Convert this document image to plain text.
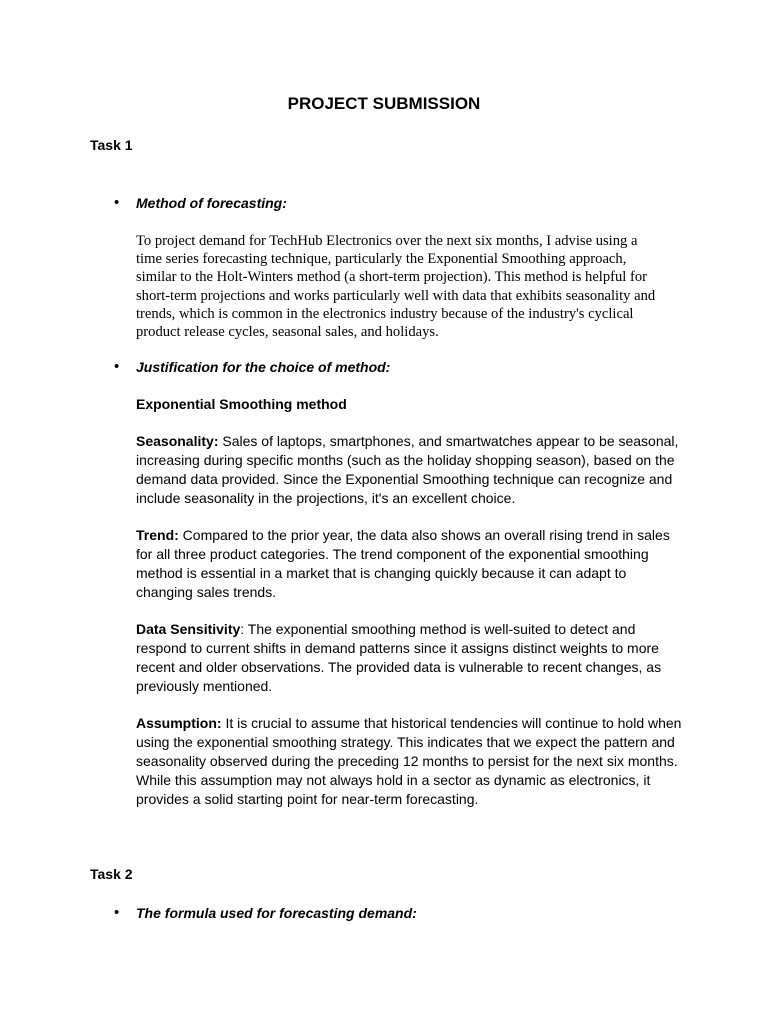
PROJECT SUBMISSION
Task 1
• Method of forecasting:
To project demand for TechHub Electronics over the next six months, I advise using a
time series forecasting technique, particularly the Exponential Smoothing approach,
similar to the Holt-Winters method (a short-term projection). This method is helpful for
short-term projections and works particularly well with data that exhibits seasonality and
trends, which is common in the electronics industry because of the industry's cyclical
product release cycles, seasonal sales, and holidays.
• Justification for the choice of method:
Exponential Smoothing method
Seasonality: Sales of laptops, smartphones, and smartwatches appear to be seasonal,
increasing during specific months (such as the holiday shopping season), based on the
demand data provided. Since the Exponential Smoothing technique can recognize and
include seasonality in the projections, it's an excellent choice.
Trend: Compared to the prior year, the data also shows an overall rising trend in sales
for all three product categories. The trend component of the exponential smoothing
method is essential in a market that is changing quickly because it can adapt to
changing sales trends.
Data Sensitivity: The exponential smoothing method is well-suited to detect and
respond to current shifts in demand patterns since it assigns distinct weights to more
recent and older observations. The provided data is vulnerable to recent changes, as
previously mentioned.
Assumption: It is crucial to assume that historical tendencies will continue to hold when
using the exponential smoothing strategy. This indicates that we expect the pattern and
seasonality observed during the preceding 12 months to persist for the next six months.
While this assumption may not always hold in a sector as dynamic as electronics, it
provides a solid starting point for near-term forecasting.
Task 2
• The formula used for forecasting demand:
